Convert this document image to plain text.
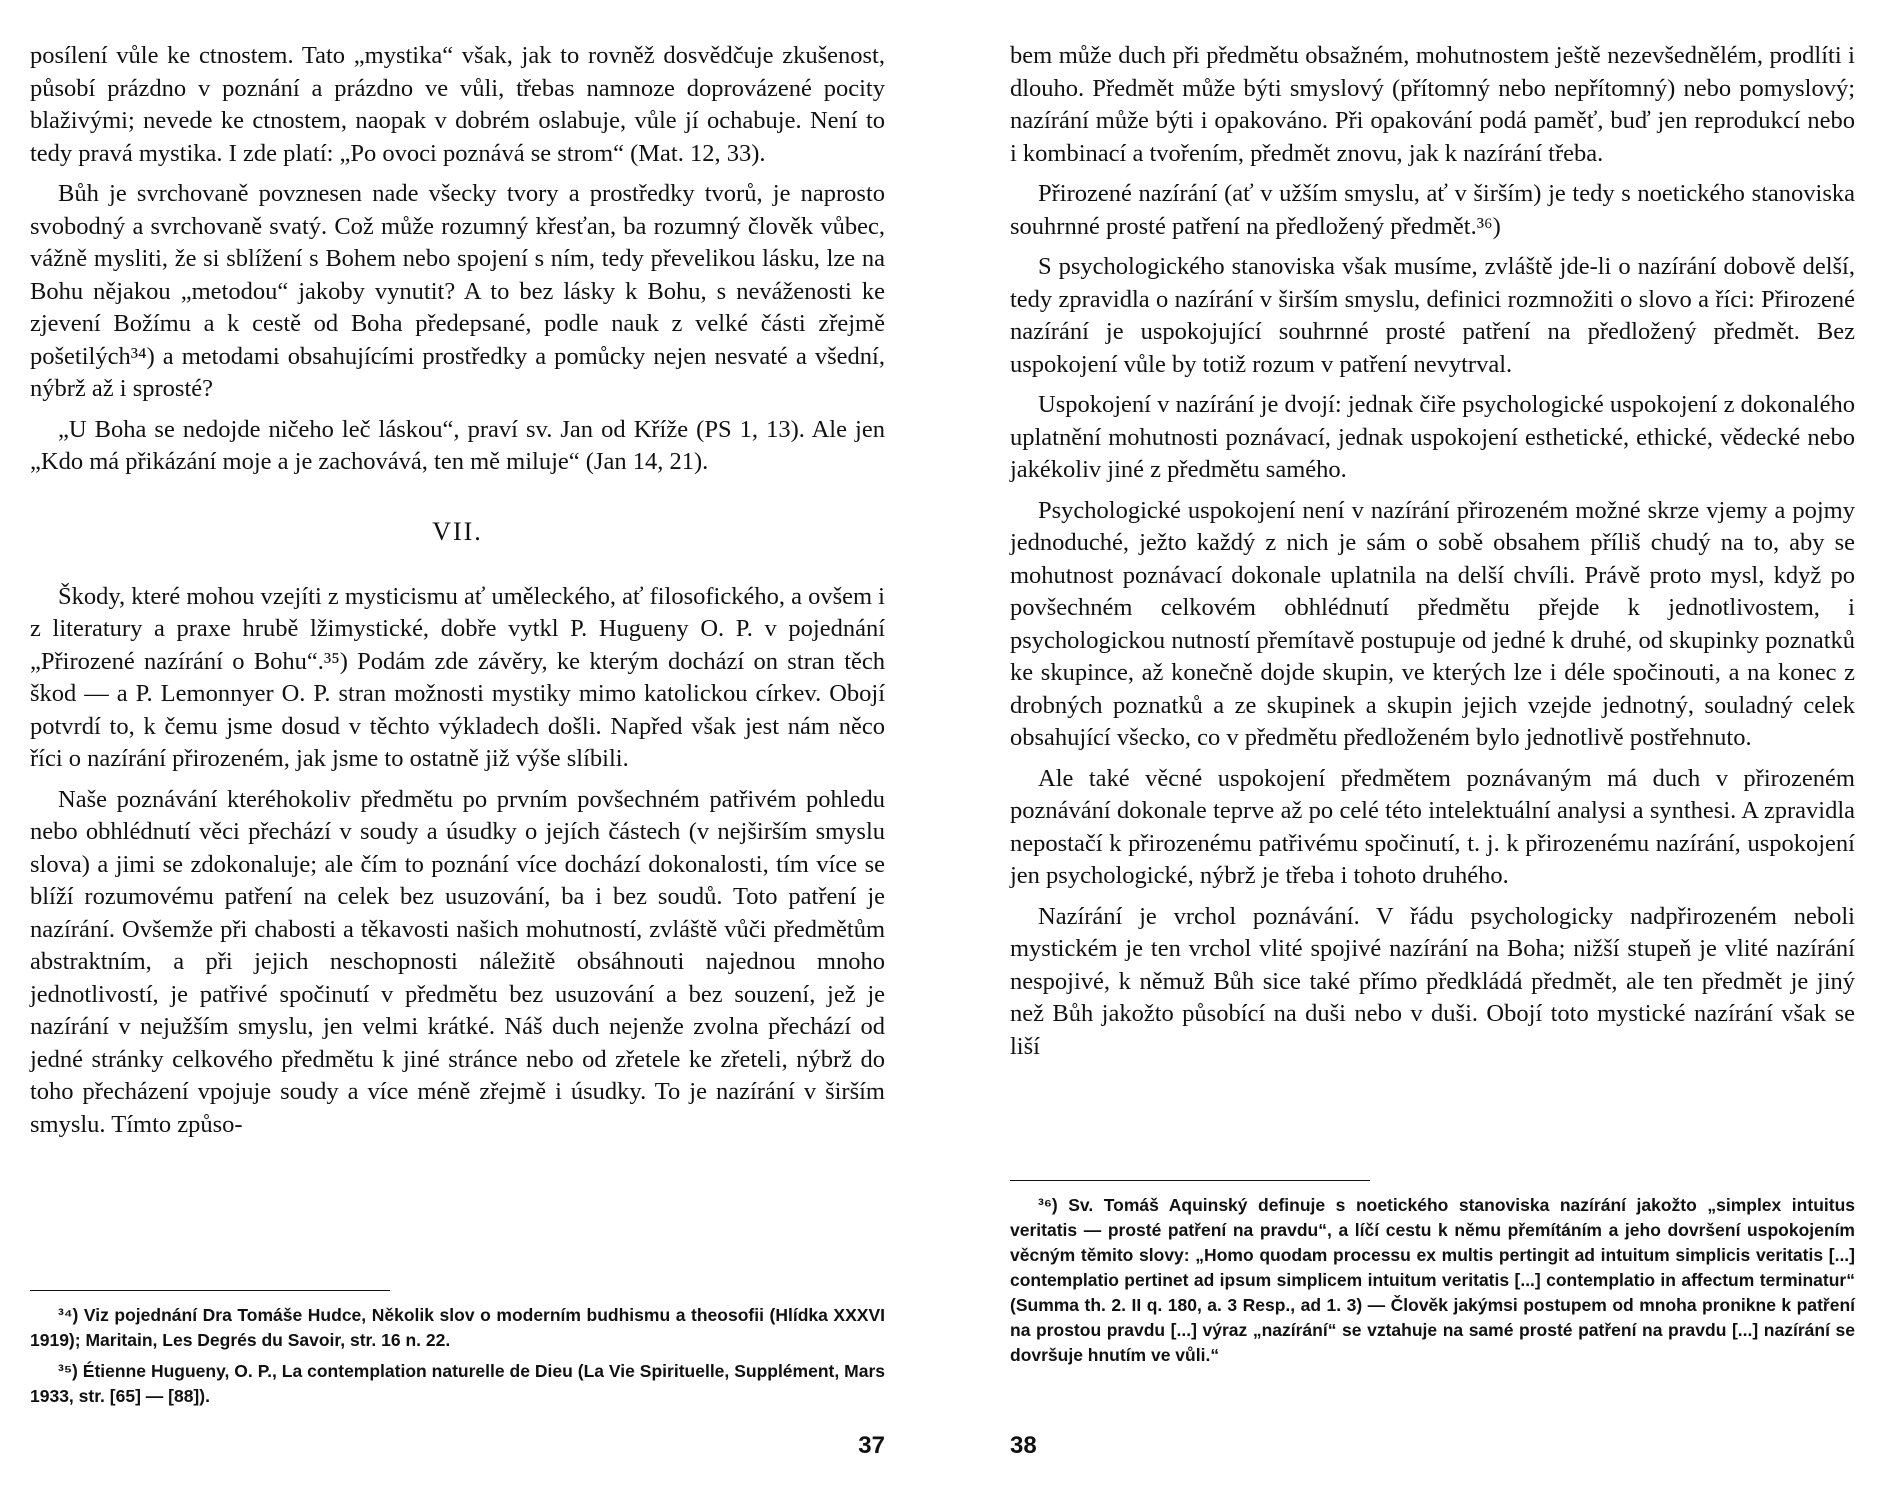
posílení vůle ke ctnostem. Tato „mystika“ však, jak to rovněž dosvědčuje zkušenost, působí prázdno v poznání a prázdno ve vůli, třebas namnoze doprovázené pocity blaživými; nevede ke ctnostem, naopak v dobrém oslabuje, vůle jí ochabuje. Není to tedy pravá mystika. I zde platí: „Po ovoci poznává se strom“ (Mat. 12, 33).

Bůh je svrchovaně povznesen nade všecky tvory a prostředky tvorů, je naprosto svobodný a svrchovaně svatý. Což může rozumný křesťan, ba rozumný člověk vůbec, vážně mysliti, že si sblížení s Bohem nebo spojení s ním, tedy převelikou lásku, lze na Bohu nějakou „metodou“ jakoby vynutit? A to bez lásky k Bohu, s neváženosti ke zjevení Božímu a k cestě od Boha předepsané, podle nauk z velké části zřejmě pošetilých³⁴) a metodami obsahujícími prostředky a pomůcky nejen nesvaté a všední, nýbrž až i sprosté?

„U Boha se nedojde ničeho leč láskou“, praví sv. Jan od Kříže (PS 1, 13). Ale jen „Kdo má přikázání moje a je zachovává, ten mě miluje“ (Jan 14, 21).

VII.

Škody, které mohou vzejíti z mysticismu ať uměleckého, ať filosofického, a ovšem i z literatury a praxe hrubě lžimystické, dobře vytkl P. Hugueny O. P. v pojednání „Přirozené nazírání o Bohu“.³⁵) Podám zde závěry, ke kterým dochází on stran těch škod — a P. Lemonnyer O. P. stran možnosti mystiky mimo katolickou církev. Obojí potvrdí to, k čemu jsme dosud v těchto výkladech došli. Napřed však jest nám něco říci o nazírání přirozeném, jak jsme to ostatně již výše slíbili.

Naše poznávání kteréhokoliv předmětu po prvním povšechném patřivém pohledu nebo obhlédnutí věci přechází v soudy a úsudky o jejích částech (v nejširším smyslu slova) a jimi se zdokonaluje; ale čím to poznání více dochází dokonalosti, tím více se blíží rozumovému patření na celek bez usuzování, ba i bez soudů. Toto patření je nazírání. Ovšemže při chabosti a těkavosti našich mohutností, zvláště vůči předmětům abstraktním, a při jejich neschopnosti náležitě obsáhnouti najednou mnoho jednotlivostí, je patřivé spočinutí v předmětu bez usuzování a bez souzení, jež je nazírání v nejužším smyslu, jen velmi krátké. Náš duch nejenže zvolna přechází od jedné stránky celkového předmětu k jiné stránce nebo od zřetele ke zřeteli, nýbrž do toho přecházení vpojuje soudy a více méně zřejmě i úsudky. To je nazírání v širším smyslu. Tímto způso-

³⁴) Viz pojednání Dra Tomáše Hudce, Několik slov o moderním budhismu a theosofii (Hlídka XXXVI 1919); Maritain, Les Degrés du Savoir, str. 16 n. 22.

³⁵) Étienne Hugueny, O. P., La contemplation naturelle de Dieu (La Vie Spirituelle, Supplément, Mars 1933, str. [65] — [88]).

37

bem může duch při předmětu obsažném, mohutnostem ještě nezevšednělém, prodlíti i dlouho. Předmět může býti smyslový (přítomný nebo nepřítomný) nebo pomyslový; nazírání může býti i opakováno. Při opakování podá paměť, buď jen reprodukcí nebo i kombinací a tvořením, předmět znovu, jak k nazírání třeba.

Přirozené nazírání (ať v užším smyslu, ať v širším) je tedy s noetického stanoviska souhrnné prosté patření na předložený předmět.³⁶)

S psychologického stanoviska však musíme, zvláště jde-li o nazírání dobově delší, tedy zpravidla o nazírání v širším smyslu, definici rozmnožiti o slovo a říci: Přirozené nazírání je uspokojující souhrnné prosté patření na předložený předmět. Bez uspokojení vůle by totiž rozum v patření nevytrval.

Uspokojení v nazírání je dvojí: jednak čiře psychologické uspokojení z dokonalého uplatnění mohutnosti poznávací, jednak uspokojení esthetické, ethické, vědecké nebo jakékoliv jiné z předmětu samého.

Psychologické uspokojení není v nazírání přirozeném možné skrze vjemy a pojmy jednoduché, ježto každý z nich je sám o sobě obsahem příliš chudý na to, aby se mohutnost poznávací dokonale uplatnila na delší chvíli. Právě proto mysl, když po povšechném celkovém obhlédnutí předmětu přejde k jednotlivostem, i psychologickou nutností přemítavě postupuje od jedné k druhé, od skupinky poznatků ke skupince, až konečně dojde skupin, ve kterých lze i déle spočinouti, a na konec z drobných poznatků a ze skupinek a skupin jejich vzejde jednotný, souladný celek obsahující všecko, co v předmětu předloženém bylo jednotlivě postřehnuto.

Ale také věcné uspokojení předmětem poznávaným má duch v přirozeném poznávání dokonale teprve až po celé této intelektuální analysi a synthesi. A zpravidla nepostačí k přirozenému patřivému spočinutí, t. j. k přirozenému nazírání, uspokojení jen psychologické, nýbrž je třeba i tohoto druhého.

Nazírání je vrchol poznávání. V řádu psychologicky nadpřirozeném neboli mystickém je ten vrchol vlité spojivé nazírání na Boha; nižší stupeň je vlité nazírání nespojivé, k němuž Bůh sice také přímo předkládá předmět, ale ten předmět je jiný než Bůh jakožto působící na duši nebo v duši. Obojí toto mystické nazírání však se liší

³⁶) Sv. Tomáš Aquinský definuje s noetického stanoviska nazírání jakožto „simplex intuitus veritatis — prosté patření na pravdu“, a líčí cestu k němu přemítáním a jeho dovršení uspokojením věcným těmito slovy: „Homo quodam processu ex multis pertingit ad intuitum simplicis veritatis [...] contemplatio pertinet ad ipsum simplicem intuitum veritatis [...] contemplatio in affectum terminatur“ (Summa th. 2. II q. 180, a. 3 Resp., ad 1. 3) — Člověk jakýmsi postupem od mnoha pronikne k patření na prostou pravdu [...] výraz „nazírání“ se vztahuje na samé prosté patření na pravdu [...] nazírání se dovršuje hnutím ve vůli.“

38
